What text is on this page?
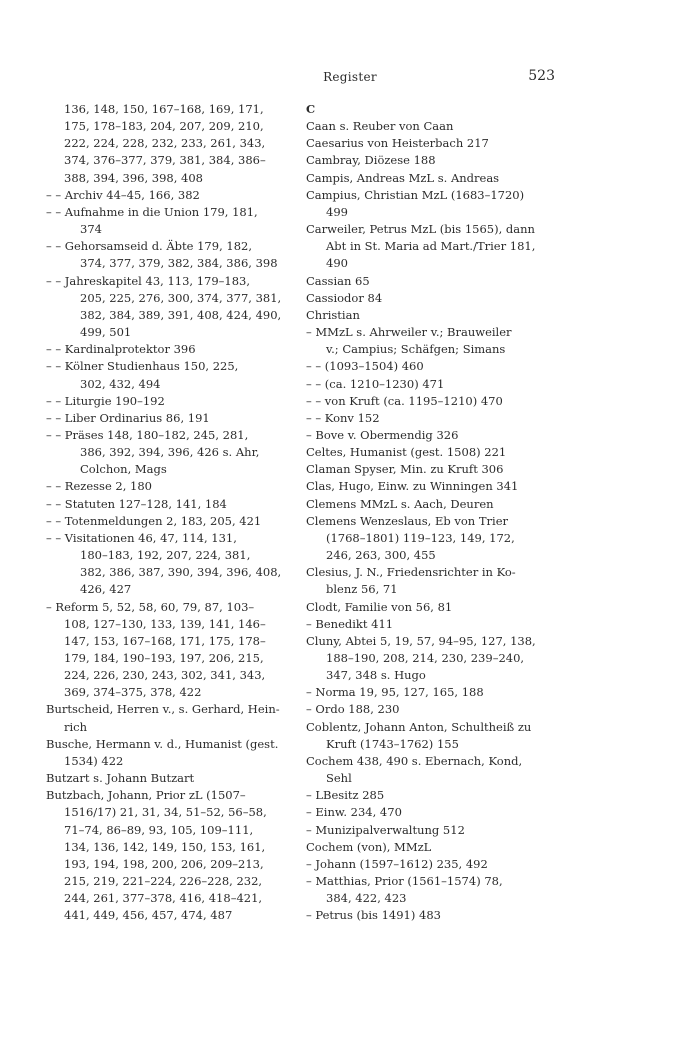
Register	523
136, 148, 150, 167–168, 169, 171,
175, 178–183, 204, 207, 209, 210,
222, 224, 228, 232, 233, 261, 343,
374, 376–377, 379, 381, 384, 386–
388, 394, 396, 398, 408
– – Archiv 44–45, 166, 382
– – Aufnahme in die Union 179, 181,
374
– – Gehorsamseid d. Äbte 179, 182,
374, 377, 379, 382, 384, 386, 398
– – Jahreskapitel 43, 113, 179–183,
205, 225, 276, 300, 374, 377, 381,
382, 384, 389, 391, 408, 424, 490,
499, 501
– – Kardinalprotektor 396
– – Kölner Studienhaus 150, 225,
302, 432, 494
– – Liturgie 190–192
– – Liber Ordinarius 86, 191
– – Präses 148, 180–182, 245, 281,
386, 392, 394, 396, 426 s. Ahr,
Colchon, Mags
– – Rezesse 2, 180
– – Statuten 127–128, 141, 184
– – Totenmeldungen 2, 183, 205, 421
– – Visitationen 46, 47, 114, 131,
180–183, 192, 207, 224, 381,
382, 386, 387, 390, 394, 396, 408,
426, 427
– Reform 5, 52, 58, 60, 79, 87, 103–
108, 127–130, 133, 139, 141, 146–
147, 153, 167–168, 171, 175, 178–
179, 184, 190–193, 197, 206, 215,
224, 226, 230, 243, 302, 341, 343,
369, 374–375, 378, 422
Burtscheid, Herren v., s. Gerhard, Hein-
rich
Busche, Hermann v. d., Humanist (gest.
1534) 422
Butzart s. Johann Butzart
Butzbach, Johann, Prior zL (1507–
1516/17) 21, 31, 34, 51–52, 56–58,
71–74, 86–89, 93, 105, 109–111,
134, 136, 142, 149, 150, 153, 161,
193, 194, 198, 200, 206, 209–213,
215, 219, 221–224, 226–228, 232,
244, 261, 377–378, 416, 418–421,
441, 449, 456, 457, 474, 487
C
Caan s. Reuber von Caan
Caesarius von Heisterbach 217
Cambray, Diözese 188
Campis, Andreas MzL s. Andreas
Campius, Christian MzL (1683–1720)
499
Carweiler, Petrus MzL (bis 1565), dann
Abt in St. Maria ad Mart./Trier 181,
490
Cassian 65
Cassiodor 84
Christian
– MMzL s. Ahrweiler v.; Brauweiler
v.; Campius; Schäfgen; Simans
– – (1093–1504) 460
– – (ca. 1210–1230) 471
– – von Kruft (ca. 1195–1210) 470
– – Konv 152
– Bove v. Obermendig 326
Celtes, Humanist (gest. 1508) 221
Claman Spyser, Min. zu Kruft 306
Clas, Hugo, Einw. zu Winningen 341
Clemens MMzL s. Aach, Deuren
Clemens Wenzeslaus, Eb von Trier
(1768–1801) 119–123, 149, 172,
246, 263, 300, 455
Clesius, J. N., Friedensrichter in Ko-
blenz 56, 71
Clodt, Familie von 56, 81
– Benedikt 411
Cluny, Abtei 5, 19, 57, 94–95, 127, 138,
188–190, 208, 214, 230, 239–240,
347, 348 s. Hugo
– Norma 19, 95, 127, 165, 188
– Ordo 188, 230
Coblentz, Johann Anton, Schultheiß zu
Kruft (1743–1762) 155
Cochem 438, 490 s. Ebernach, Kond,
Sehl
– LBesitz 285
– Einw. 234, 470
– Munizipalverwaltung 512
Cochem (von), MMzL
– Johann (1597–1612) 235, 492
– Matthias, Prior (1561–1574) 78,
384, 422, 423
– Petrus (bis 1491) 483
